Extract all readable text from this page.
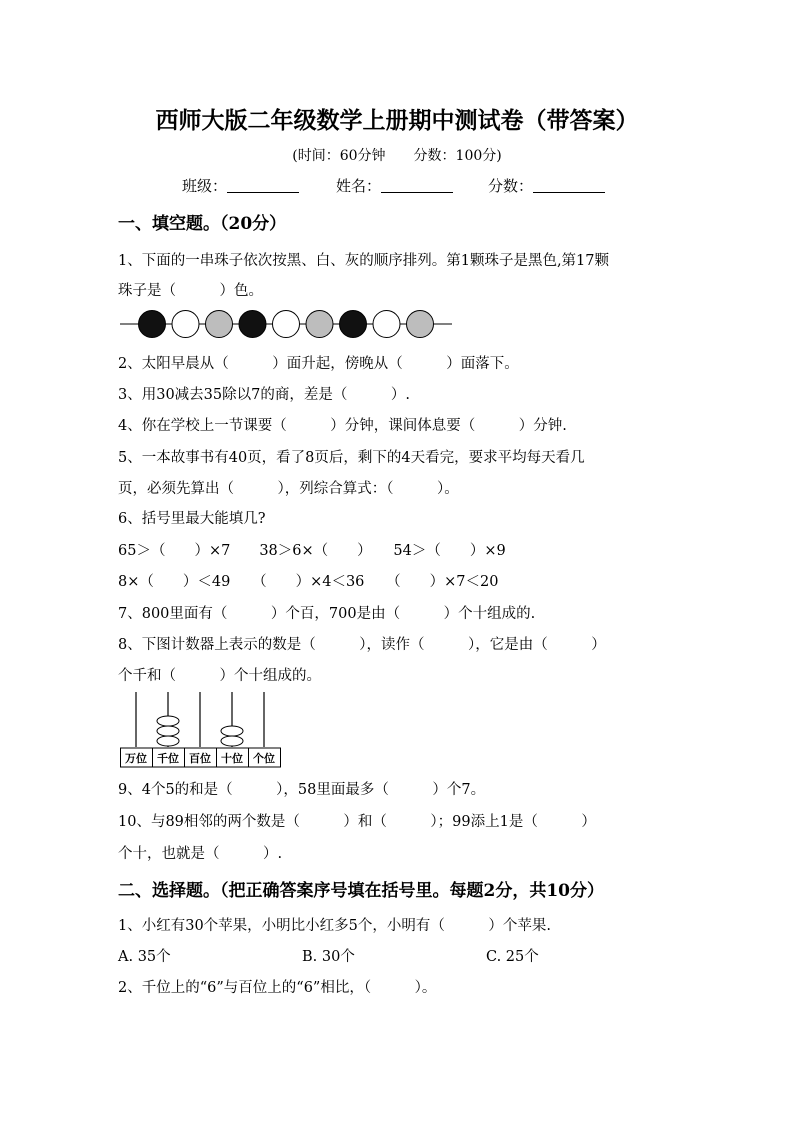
西师大版二年级数学上册期中测试卷（带答案）
(时间：60分钟　　分数：100分)
班级：	姓名：	分数：
一、填空题。（20分）
1、下面的一串珠子依次按黑、白、灰的顺序排列。第1颗珠子是黑色,第17颗
珠子是（　　　）色。
2、太阳早晨从（　　　）面升起，傍晚从（　　　）面落下。
3、用30减去35除以7的商，差是（　　　）.
4、你在学校上一节课要（　　　）分钟，课间体息要（　　　）分钟.
5、一本故事书有40页，看了8页后，剩下的4天看完，要求平均每天看几
页，必须先算出（　　　），列综合算式：（　　　）。
6、括号里最大能填几?
65＞（　　）×7　　38＞6×（　　）　　54＞（　　）×9
8×（　　）＜49　　（　　）×4＜36　　（　　）×7＜20
7、800里面有（　　　）个百，700是由（　　　）个十组成的.
8、下图计数器上表示的数是（　　　），读作（　　　），它是由（　　　）
个千和（　　　）个十组成的。
万位 千位 百位 十位 个位
9、4个5的和是（　　　），58里面最多（　　　）个7。
10、与89相邻的两个数是（　　　）和（　　　）；99添上1是（　　　）
个十，也就是（　　　）.
二、选择题。（把正确答案序号填在括号里。每题2分，共10分）
1、小红有30个苹果，小明比小红多5个，小明有（　　　）个苹果.
A. 35个	B. 30个	C. 25个
2、千位上的“6”与百位上的“6”相比，（　　　）。
